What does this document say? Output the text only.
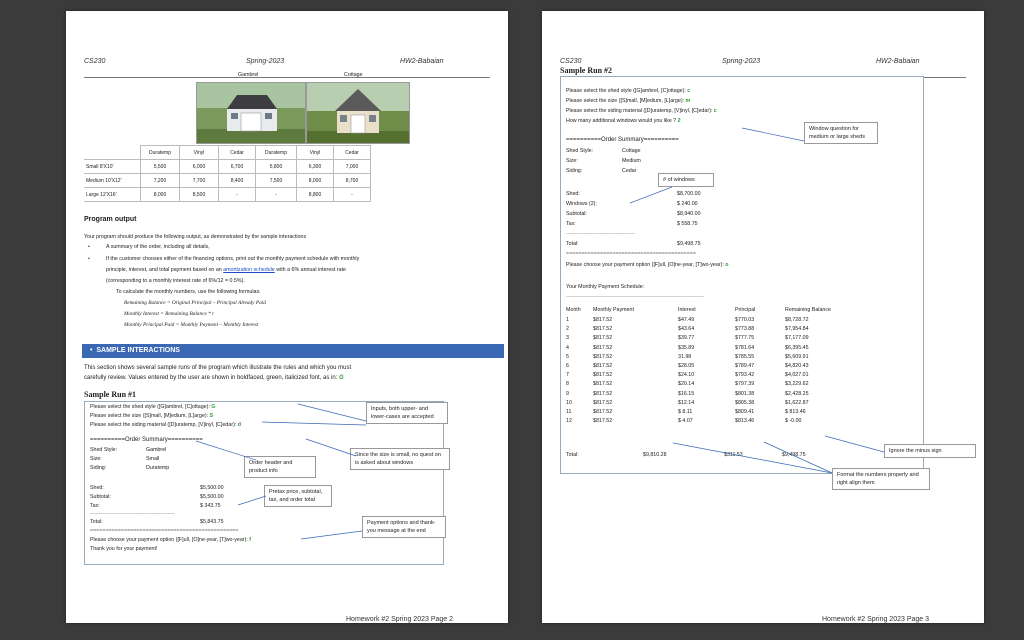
CS230	Spring-2023	HW2-Babaian
Gambrel	Cottage
	Duratemp	Vinyl	Cedar	Duratemp	Vinyl	Cedar
Small 8'X10'	5,500	6,000	6,700	5,800	6,300	7,000
Medium 10'X12'	7,200	7,700	8,400	7,500	8,000	8,700
Large 12'X16'	8,000	8,500	-	-	8,800	-
Program output
Your program should produce the following output, as demonstrated by the sample interactions
•	A summary of the order, including all details,
•	If the customer chooses either of the financing options, print out the monthly payment schedule with monthly
principle, interest, and total payment based on an amortization schedule with a 6% annual interest rate
(corresponding to a monthly interest rate of 6%/12 = 0.5%).
To calculate the monthly numbers, use the following formulas:
Remaining Balance = Original Principal – Principal Already Paid
Monthly Interest = Remaining Balance * r
Monthly Principal Paid = Monthly Payment – Monthly Interest
•  SAMPLE INTERACTIONS
This section shows several sample runs of the program which illustrate the rules and which you must
carefully review. Values entered by the user are shown in boldfaced, green, italicized font, as in: G
Sample Run #1
Please select the shed style ([G]ambrel, [C]ottage): G
Please select the size ([S]mall, [M]edium, [L]arge): S
Please select the siding material ([D]uratemp, [V]inyl, [C]edar): d
==========Order Summary==========
Shed Style:	Gambrel
Size:	Small
Siding:	Duratemp
Shed:	$5,500.00
Subtotal:	$5,500.00
Tax:	$ 343.75
------------------------------------------------
Total:	$5,843.75
================================================
Please choose your payment option ([F]ull, [O]ne-year, [T]wo-year): f
Thank you for your payment!
Inputs, both upper- and lower-cases are accepted
Order header and product info
Since the size is small, no quest on is asked about windows
Pretax price, subtotal, tax, and order total
Payment options and thank-you message at the end
Homework #2 Spring 2023 Page 2
CS230	Spring-2023	HW2-Babaian
Sample Run #2
Please select the shed style ([G]ambrel, [C]ottage): c
Please select the size ([S]mall, [M]edium, [L]arge): m
Please select the siding material ([D]uratemp, [V]inyl, [C]edar): c
How many additional windows would you like ? 2
==========Order Summary==========
Shed Style:	Cottage
Size:	Medium
Siding:	Cedar
Shed:	$8,700.00
Windows (2):	$ 240.00
Subtotal:	$8,940.00
Tax:	$ 558.75
---------------------------------------
Total:	$9,498.75
==========================================
Please choose your payment option ([F]ull, [O]ne-year, [T]wo-year): o
Your Monthly Payment Schedule:
------------------------------------------------------------------------------
Total:	$9,810.28	$311.53	$9,498.75
Window question for medium or large sheds
# of windows
Ignore the minus sign
Format the numbers properly and right align them
Homework #2 Spring 2023 Page 3
Month Monthly Payment	Interest	Principal	Remaining Balance
1	$817.52	$47.49	$770.03	$8,728.72
2	$817.52	$43.64	$773.88	$7,954.84
3	$817.52	$39.77	$777.75	$7,177.09
4	$817.52	$35.89	$781.64	$6,395.45
5	$817.52	31.98	$785.55	$5,609.91
6	$817.52	$28.05	$789.47	$4,820.43
7	$817.52	$24.10	$793.42	$4,027.01
8	$817.52	$20.14	$797.39	$3,229.62
9	$817.52	$16.15	$801.38	$2,428.25
10	$817.52	$12.14	$805.38	$1,622.87
11	$817.52	$ 8.11	$809.41	$ 813.46
12	$817.52	$ 4.07	$813.46	$ -0.00
